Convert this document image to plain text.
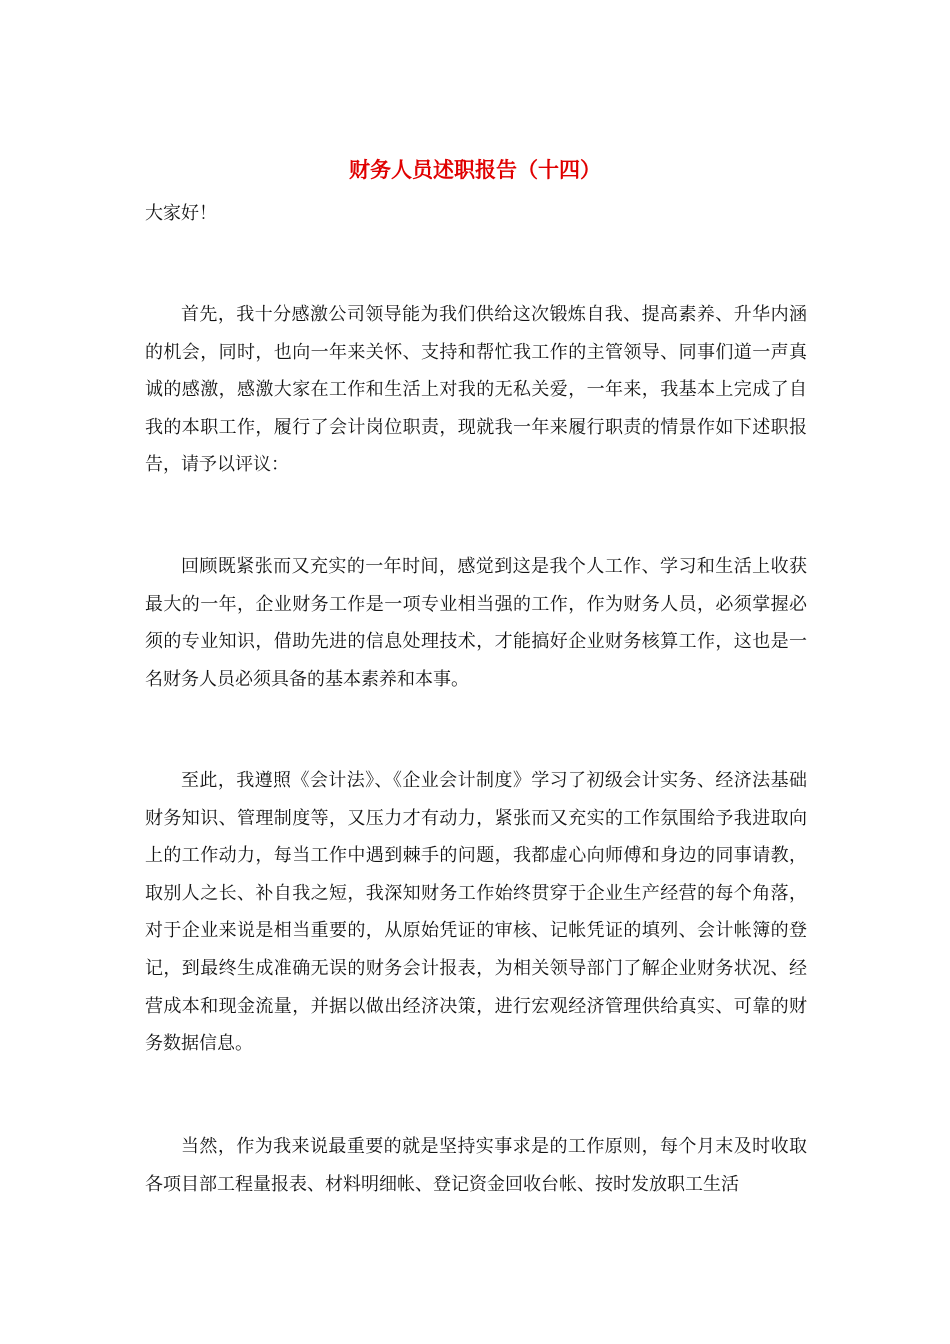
财务人员述职报告（十四）

大家好！

首先，我十分感激公司领导能为我们供给这次锻炼自我、提高素养、升华内涵的机会，同时，也向一年来关怀、支持和帮忙我工作的主管领导、同事们道一声真诚的感激，感激大家在工作和生活上对我的无私关爱，一年来，我基本上完成了自我的本职工作，履行了会计岗位职责，现就我一年来履行职责的情景作如下述职报告，请予以评议：

回顾既紧张而又充实的一年时间，感觉到这是我个人工作、学习和生活上收获最大的一年，企业财务工作是一项专业相当强的工作，作为财务人员，必须掌握必须的专业知识，借助先进的信息处理技术，才能搞好企业财务核算工作，这也是一名财务人员必须具备的基本素养和本事。

至此，我遵照《会计法》、《企业会计制度》学习了初级会计实务、经济法基础财务知识、管理制度等，又压力才有动力，紧张而又充实的工作氛围给予我进取向上的工作动力，每当工作中遇到棘手的问题，我都虚心向师傅和身边的同事请教，取别人之长、补自我之短，我深知财务工作始终贯穿于企业生产经营的每个角落，对于企业来说是相当重要的，从原始凭证的审核、记帐凭证的填列、会计帐簿的登记，到最终生成准确无误的财务会计报表，为相关领导部门了解企业财务状况、经营成本和现金流量，并据以做出经济决策，进行宏观经济管理供给真实、可靠的财务数据信息。

当然，作为我来说最重要的就是坚持实事求是的工作原则，每个月末及时收取各项目部工程量报表、材料明细帐、登记资金回收台帐、按时发放职工生活
